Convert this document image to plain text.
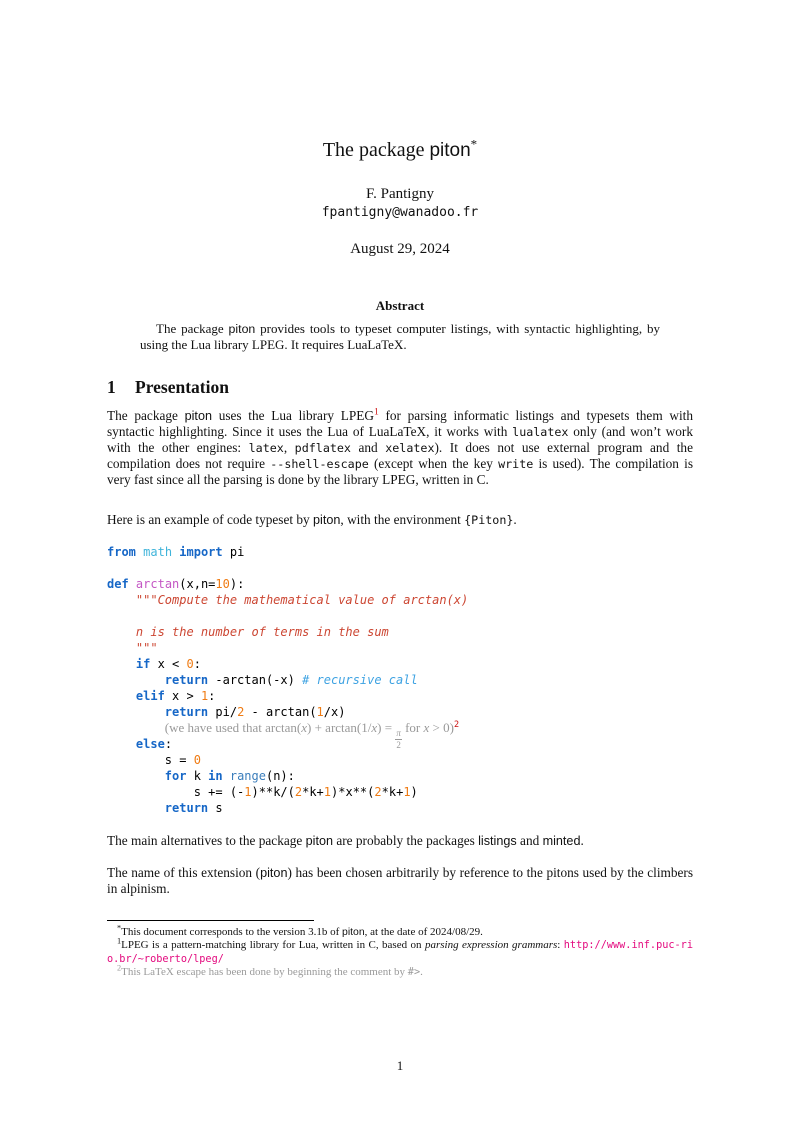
The package piton*
F. Pantigny
fpantigny@wanadoo.fr
August 29, 2024
Abstract
The package piton provides tools to typeset computer listings, with syntactic highlighting, by using the Lua library LPEG. It requires LuaLaTeX.
1 Presentation
The package piton uses the Lua library LPEG$^1$ for parsing informatic listings and typesets them with syntactic highlighting. Since it uses the Lua of LuaLaTeX, it works with lualatex only (and won’t work with the other engines: latex, pdflatex and xelatex). It does not use external program and the compilation does not require --shell-escape (except when the key write is used). The compilation is very fast since all the parsing is done by the library LPEG, written in C.
Here is an example of code typeset by piton, with the environment {Piton}.
from math import pi

def arctan(x,n=10):
"""Compute the mathematical value of arctan(x)

n is the number of terms in the sum
"""
if x < 0:
return -arctan(-x) # recursive call
elif x > 1:
return pi/2 - arctan(1/x)
(we have used that arctan(x) + arctan(1/x) =
$\frac{\pi}{2}$
for x > 0)$^2$
else:
s = 0
for k in range(n):
s += (-1)**k/(2*k+1)*x**(2*k+1)
return s
The main alternatives to the package piton are probably the packages listings and minted.
The name of this extension (piton) has been chosen arbitrarily by reference to the pitons used by the climbers in alpinism.
*This document corresponds to the version 3.1b of piton, at the date of 2024/08/29.
$^1$LPEG is a pattern-matching library for Lua, written in C, based on parsing expression grammars: http://www.inf.puc-rio.br/~roberto/lpeg/
$^2$This LaTeX escape has been done by beginning the comment by #>.
1
